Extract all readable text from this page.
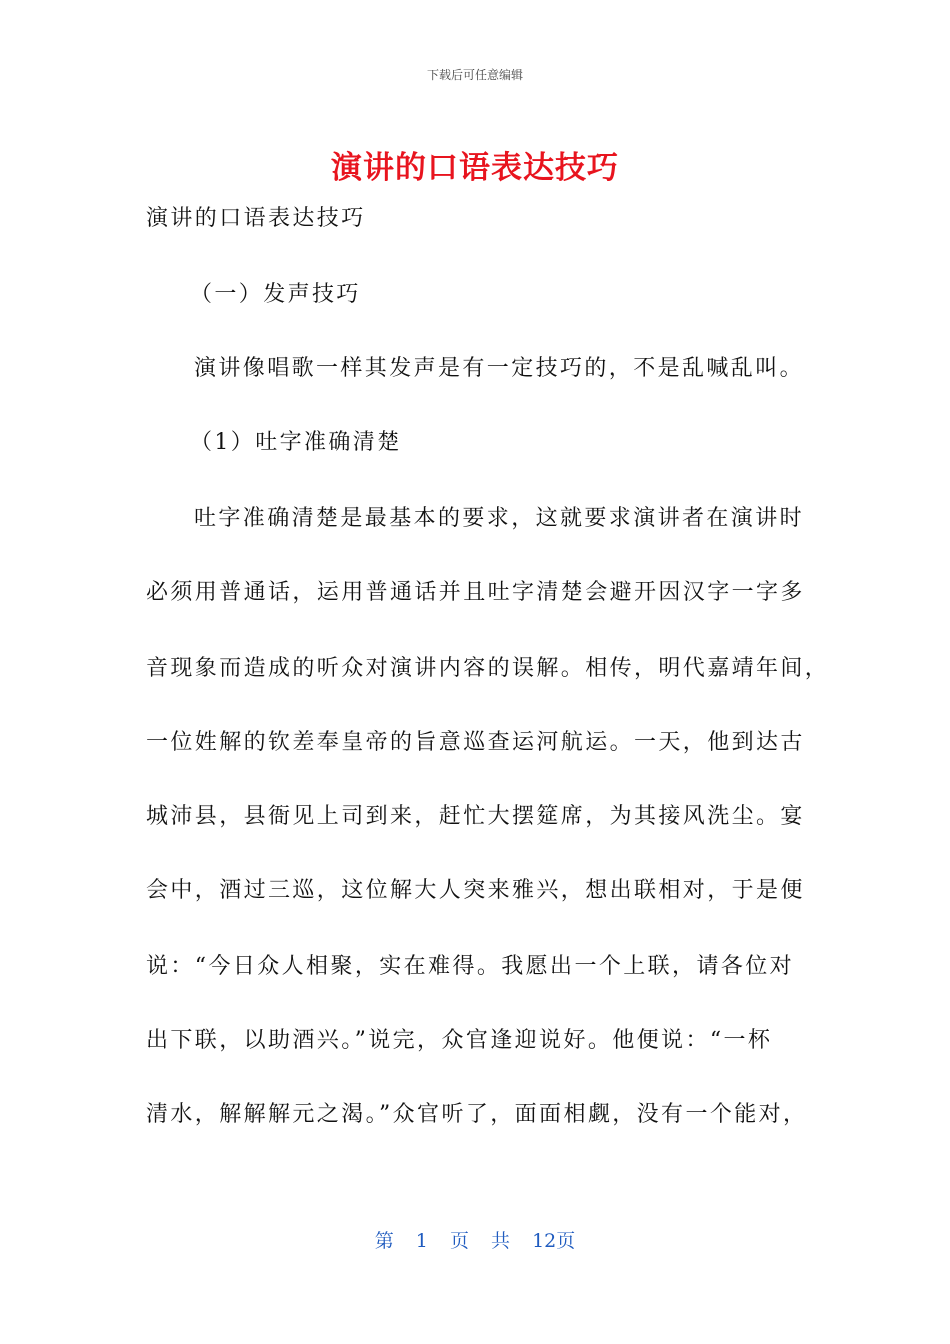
下载后可任意编辑
演讲的口语表达技巧
演讲的口语表达技巧
（一）发声技巧
演讲像唱歌一样其发声是有一定技巧的，不是乱喊乱叫。
（1）吐字准确清楚
吐字准确清楚是最基本的要求，这就要求演讲者在演讲时
必须用普通话，运用普通话并且吐字清楚会避开因汉字一字多
音现象而造成的听众对演讲内容的误解。相传，明代嘉靖年间，
一位姓解的钦差奉皇帝的旨意巡查运河航运。一天，他到达古
城沛县，县衙见上司到来，赶忙大摆筵席，为其接风洗尘。宴
会中，酒过三巡，这位解大人突来雅兴，想出联相对，于是便
说：“今日众人相聚，实在难得。我愿出一个上联，请各位对
出下联，以助酒兴。”说完，众官逢迎说好。他便说：“一杯
清水，解解解元之渴。”众官听了，面面相觑，没有一个能对，
第 1 页 共 12页
